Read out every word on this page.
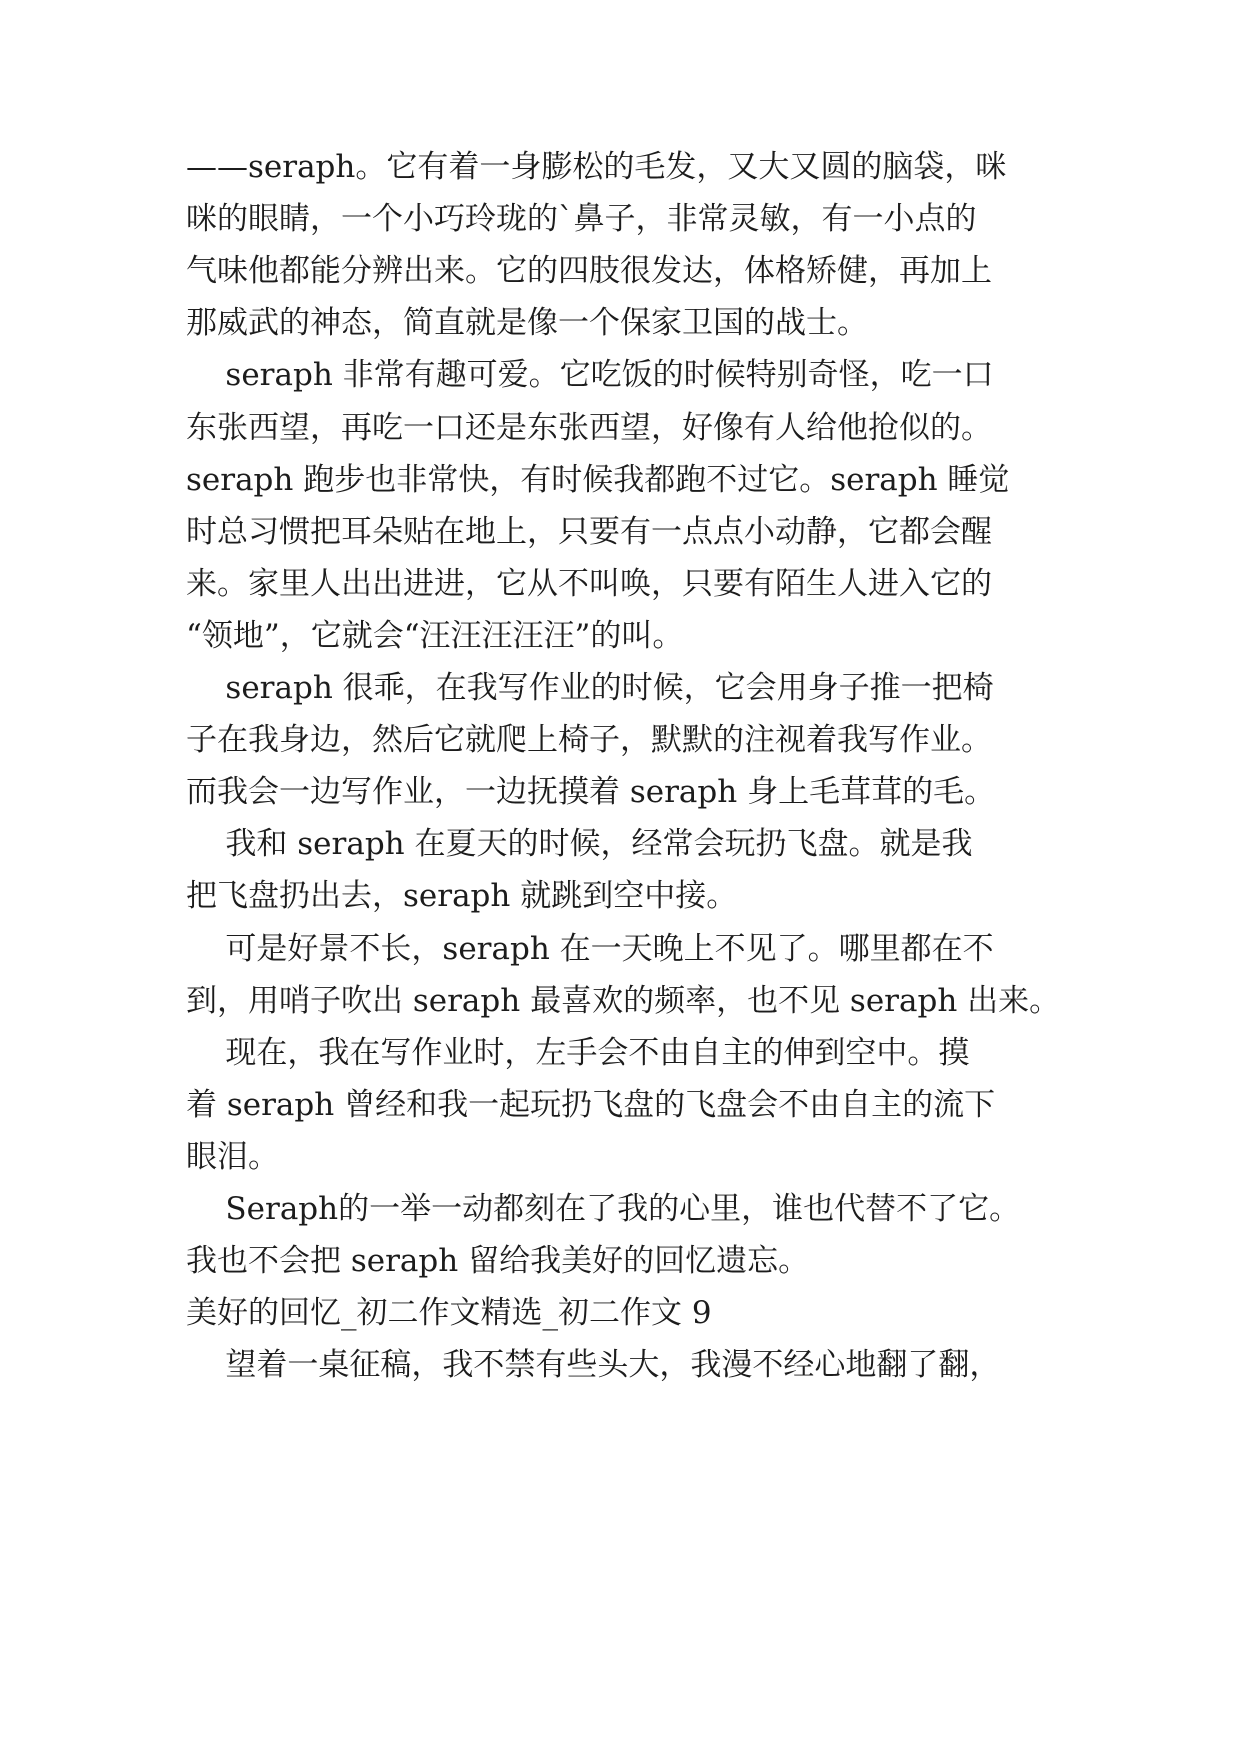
——seraph。它有着一身膨松的毛发，又大又圆的脑袋，咪
咪的眼睛，一个小巧玲珑的`鼻子，非常灵敏，有一小点的
气味他都能分辨出来。它的四肢很发达，体格矫健，再加上
那威武的神态，简直就是像一个保家卫国的战士。
seraph 非常有趣可爱。它吃饭的时候特别奇怪，吃一口
东张西望，再吃一口还是东张西望，好像有人给他抢似的。
seraph 跑步也非常快，有时候我都跑不过它。seraph 睡觉
时总习惯把耳朵贴在地上，只要有一点点小动静，它都会醒
来。家里人出出进进，它从不叫唤，只要有陌生人进入它的
“领地”，它就会“汪汪汪汪汪”的叫。
seraph 很乖，在我写作业的时候，它会用身子推一把椅
子在我身边，然后它就爬上椅子，默默的注视着我写作业。
而我会一边写作业，一边抚摸着 seraph 身上毛茸茸的毛。
我和 seraph 在夏天的时候，经常会玩扔飞盘。就是我
把飞盘扔出去，seraph 就跳到空中接。
可是好景不长，seraph 在一天晚上不见了。哪里都在不
到，用哨子吹出 seraph 最喜欢的频率，也不见 seraph 出来。
现在，我在写作业时，左手会不由自主的伸到空中。摸
着 seraph 曾经和我一起玩扔飞盘的飞盘会不由自主的流下
眼泪。
Seraph的一举一动都刻在了我的心里，谁也代替不了它。
我也不会把 seraph 留给我美好的回忆遗忘。
美好的回忆_初二作文精选_初二作文 9
望着一桌征稿，我不禁有些头大，我漫不经心地翻了翻，
